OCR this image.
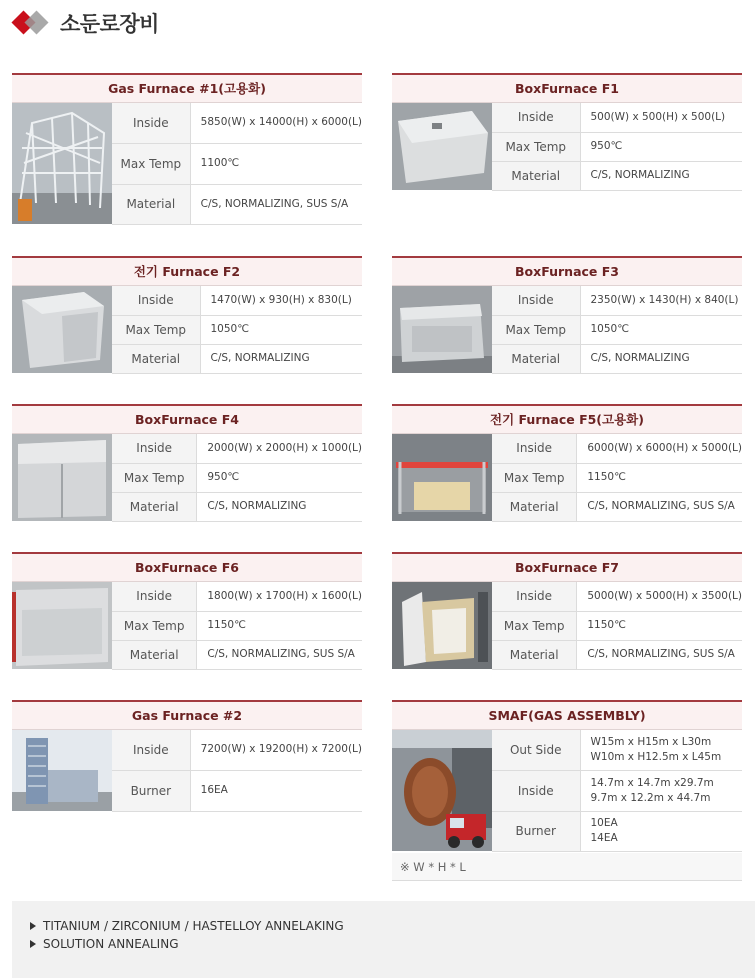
소둔로장비
Gas Furnace #1(고용화)
Inside	5850(W) x 14000(H) x 6000(L)

Max Temp	1100℃

Material	C/S, NORMALIZING, SUS S/A
BoxFurnace F1
Inside	500(W) x 500(H) x 500(L)

Max Temp	950℃

Material	C/S, NORMALIZING
전기 Furnace F2
Inside	1470(W) x 930(H) x 830(L)

Max Temp	1050℃

Material	C/S, NORMALIZING
BoxFurnace F3
Inside	2350(W) x 1430(H) x 840(L)

Max Temp	1050℃

Material	C/S, NORMALIZING
BoxFurnace F4
Inside	2000(W) x 2000(H) x 1000(L)

Max Temp	950℃

Material	C/S, NORMALIZING
전기 Furnace F5(고용화)
Inside	6000(W) x 6000(H) x 5000(L)

Max Temp	1150℃

Material	C/S, NORMALIZING, SUS S/A
BoxFurnace F6
Inside	1800(W) x 1700(H) x 1600(L)

Max Temp	1150℃

Material	C/S, NORMALIZING, SUS S/A
BoxFurnace F7
Inside	5000(W) x 5000(H) x 3500(L)

Max Temp	1150℃

Material	C/S, NORMALIZING, SUS S/A
Gas Furnace #2
Inside	7200(W) x 19200(H) x 7200(L)

Burner	16EA
SMAF(GAS ASSEMBLY)
Out Side	W15m x H15m x L30m
W10m x H12.5m x L45m

Inside	14.7m x 14.7m x29.7m
9.7m x 12.2m x 44.7m

Burner	10EA
14EA
※ W * H * L
TITANIUM / ZIRCONIUM / HASTELLOY ANNELAKING
SOLUTION ANNEALING
